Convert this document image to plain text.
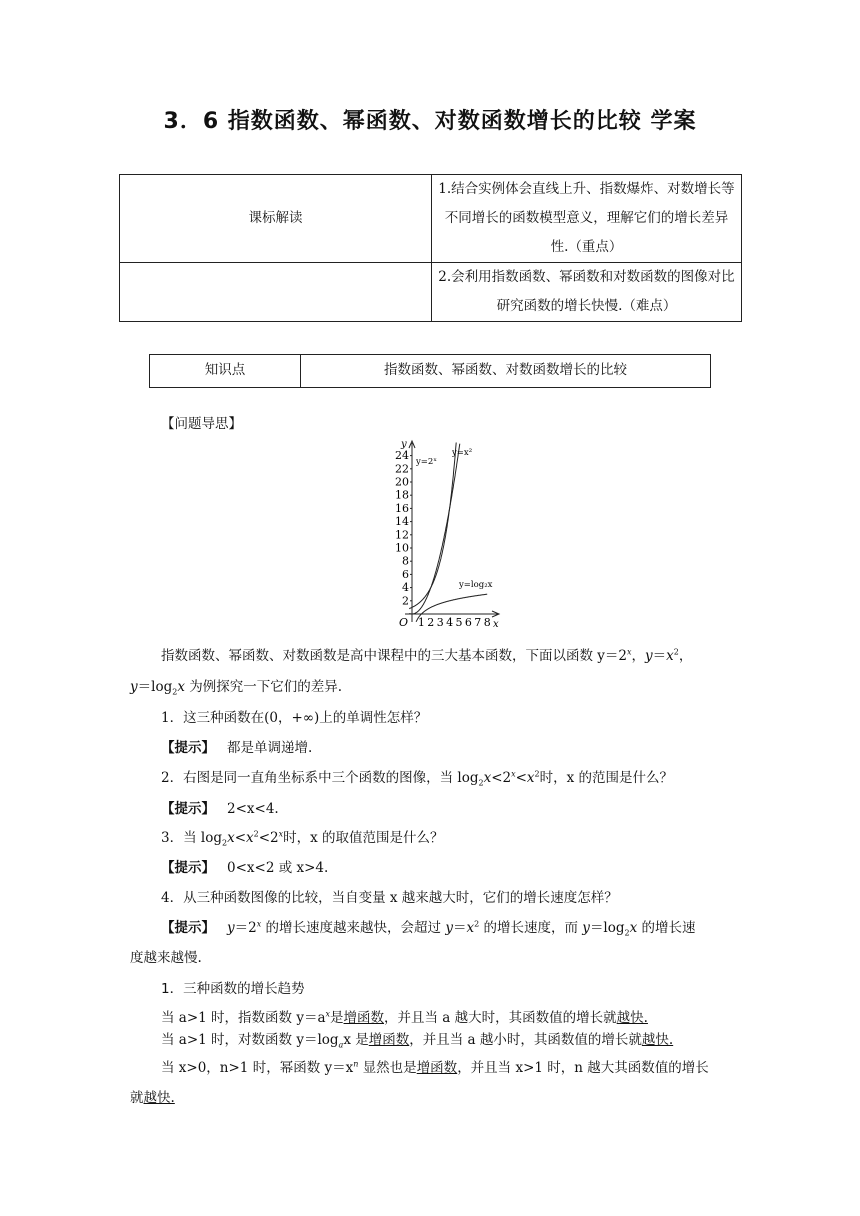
3．6 指数函数、幂函数、对数函数增长的比较 学案
课标解读	1.结合实例体会直线上升、指数爆炸、对数增长等不同增长的函数模型意义，理解它们的增长差异性.（重点）
	2.会利用指数函数、幂函数和对数函数的图像对比研究函数的增长快慢.（难点）
知识点	指数函数、幂函数、对数函数增长的比较
【问题导思】
y
x
O
2
4
6
8
10
12
14
16
18
20
22
24
1 2 3 4 5 6 7 8
y=2ˣ
y=x²
y=log₂x
指数函数、幂函数、对数函数是高中课程中的三大基本函数，下面以函数 $y=2^x$，$y=x^2$，
$y=\log_2x$ 为例探究一下它们的差异.
1．这三种函数在(0，+∞)上的单调性怎样？
【提示】 都是单调递增.
2．右图是同一直角坐标系中三个函数的图像，当 $\log_2x<2^x<x^2$时，x 的范围是什么？
【提示】 2<x<4.
3．当 $\log_2x<x^2<2^x$时，x 的取值范围是什么？
【提示】 0<x<2 或 x>4.
4．从三种函数图像的比较，当自变量 x 越来越大时，它们的增长速度怎样？
【提示】 $y=2^x$ 的增长速度越来越快，会超过 $y=x^2$ 的增长速度，而 $y=\log_2x$ 的增长速
度越来越慢.
1．三种函数的增长趋势
当 a>1 时，指数函数 $y=a^x$是增函数，并且当 a 越大时，其函数值的增长就越快.
当 a>1 时，对数函数 $y=\log_ax$ 是增函数，并且当 a 越小时，其函数值的增长就越快.
当 x>0，n>1 时，幂函数 $y=x^n$ 显然也是增函数，并且当 x>1 时，n 越大其函数值的增长
就越快.
